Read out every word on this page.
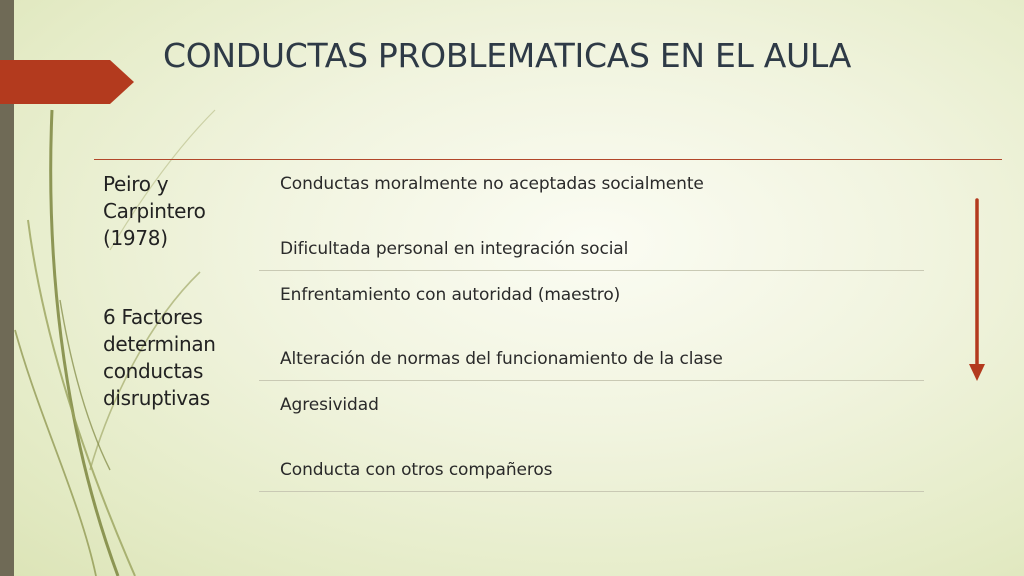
CONDUCTAS PROBLEMATICAS EN EL AULA

Peiro y
Carpintero
(1978)

6 Factores
determinan
conductas
disruptivas

Conductas moralmente no aceptadas socialmente

Dificultada personal en integración social

Enfrentamiento con autoridad (maestro)

Alteración de normas del funcionamiento de la clase

Agresividad

Conducta con otros compañeros
